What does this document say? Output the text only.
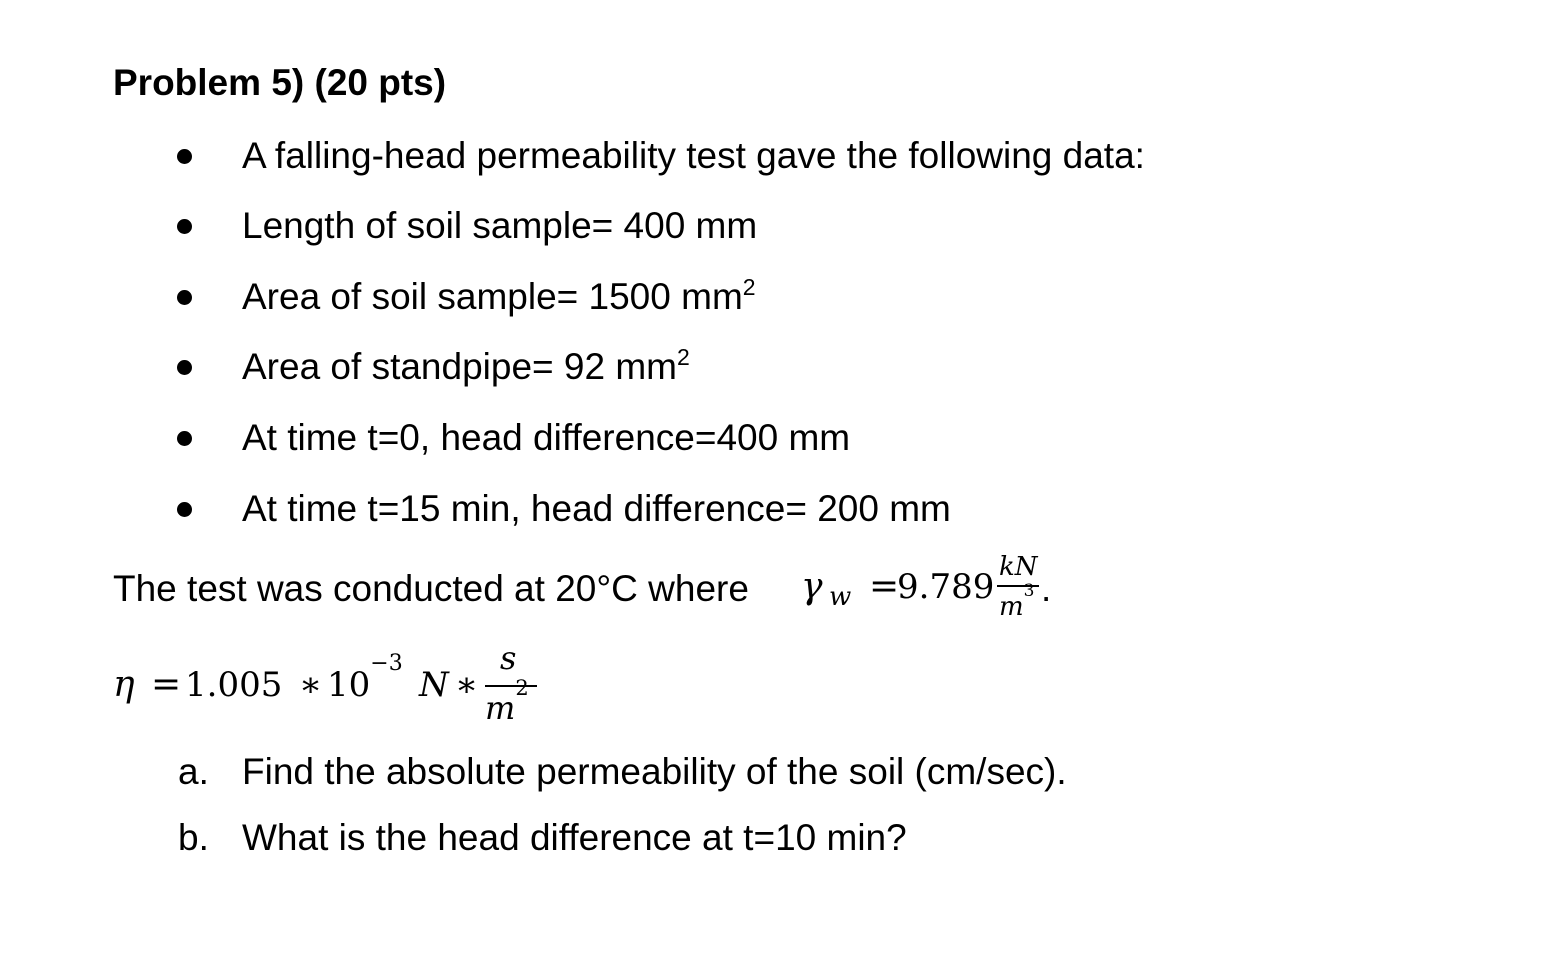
Problem 5) (20 pts)
A falling-head permeability test gave the following data:
Length of soil sample= 400 mm
Area of soil sample= 1500 $mm^2$
Area of standpipe= 92 $mm^2$
At time t=0, head difference=400 mm
At time t=15 min, head difference= 200 mm
The test was conducted at 20°C where γ w =
9.789 kN
$m^3$ .
η = 1.005 ∗ $10^{-3}$
N ∗
s
$m^2$
a. Find the absolute permeability of the soil (cm/sec).
b. What is the head difference at t=10 min?
